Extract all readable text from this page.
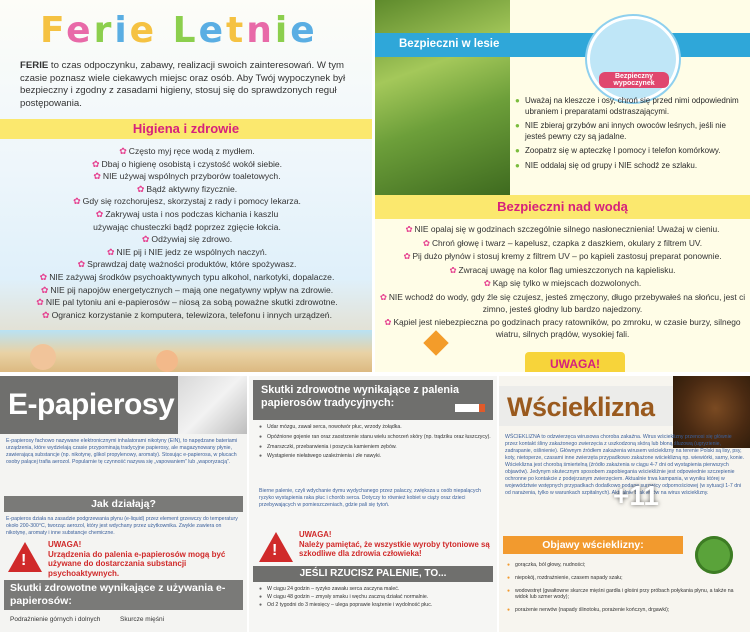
Ferie Letnie

FERIE to czas odpoczynku, zabawy, realizacji swoich zainteresowań. W tym czasie poznasz wiele ciekawych miejsc oraz osób. Aby Twój wypoczynek był bezpieczny i zgodny z zasadami higieny, stosuj się do sprawdzonych reguł postępowania.

Higiena i zdrowie
✿ Często myj ręce wodą z mydłem.
✿ Dbaj o higienę osobistą i czystość wokół siebie.
✿ NIE używaj wspólnych przyborów toaletowych.
✿ Bądź aktywny fizycznie.
✿ Gdy się rozchorujesz, skorzystaj z rady i pomocy lekarza.
✿ Zakrywaj usta i nos podczas kichania i kaszlu
używając chusteczki bądź poprzez zgięcie łokcia.
✿ Odżywiaj się zdrowo.
✿ NIE pij i NIE jedz ze wspólnych naczyń.
✿ Sprawdzaj datę ważności produktów, które spożywasz.
✿ NIE zażywaj środków psychoaktywnych typu alkohol, narkotyki, dopalacze.
✿ NIE pij napojów energetycznych – mają one negatywny wpływ na zdrowie.
✿ NIE pal tytoniu ani e-papierosów – niosą za sobą poważne skutki zdrowotne.
✿ Ogranicz korzystanie z komputera, telewizora, telefonu i innych urządzeń.
Bezpieczni w lesie
Bezpieczny wypoczynek
● Uważaj na kleszcze i osy, chroń się przed nimi odpowiednim ubraniem i preparatami odstraszającymi.
● NIE zbieraj grzybów ani innych owoców leśnych, jeśli nie jesteś pewny czy są jadalne.
● Zoopatrz się w apteczkę I pomocy i telefon komórkowy.
● NIE oddalaj się od grupy i NIE schodź ze szlaku.
Bezpieczni nad wodą
✿ NIE opalaj się w godzinach szczególnie silnego nasłonecznienia! Uważaj w cieniu.
✿ Chroń głowę i twarz – kapelusz, czapka z daszkiem, okulary z filtrem UV.
✿ Pij dużo płynów i stosuj kremy z filtrem UV – po kąpieli zastosuj preparat ponownie.
✿ Zwracaj uwagę na kolor flag umieszczonych na kąpielisku.
✿ Kąp się tylko w miejscach dozwolonych.
✿ NIE wchodź do wody, gdy źle się czujesz, jesteś zmęczony, długo przebywałeś na słońcu, jest ci zimno, jesteś głodny lub bardzo najedzony.
✿ Kąpiel jest niebezpieczna po godzinach pracy ratowników, po zmroku, w czasie burzy, silnego wiatru, silnych prądów, wysokiej fali.
UWAGA!
E-papierosy

E-papierosy fachowo nazywane elektronicznymi inhalatorami nikotyny (EIN), to napędzane bateriami urządzenia, które wydzielają czasie przypominają tradycyjne papierosy, ale magazynowany płynie, zawierającą substancje (np. nikotynę, glikol propylenowy, aromaty). Stosując e-papierosa, w płucach osoby palącej trafia aerozol. Popularnie tę czynność nazywa się „vapowaniem” lub „waporyzacją”.

Jak działają?

E-papieros działa na zasadzie podgrzewania płynu (e-liquid) przez element grzewczy do temperatury około 200-300°C, tworząc aerozol, który jest wdychany przez użytkownika. Zwykle zawiera on nikotynę, aromaty i inne substancje chemiczne.

!
UWAGA!
Urządzenia do palenia e-papierosów mogą być używane do dostarczania substancji psychoaktywnych.
Skutki zdrowotne wynikające z używania e-papierosów:
Podrażnienie górnych i dolnych	Skurcze mięśni
Skutki zdrowotne wynikające z palenia papierosów tradycyjnych:
● Udar mózgu, zawał serca, nowotwór płuc, wrzody żołądka.
● Opóźnione gojenie ran oraz zaostrzenie stanu wielu schorzeń skóry (np. trądziku oraz łuszczycy).
● Zmarszczki, przebarwienia i poszycia kamieniem zębów.
● Wystąpienie niełatwego uzależnienia i złe nawyki.

Bierne palenie, czyli wdychanie dymu wydychanego przez palaczy, zwiększa u osób niepalących ryzyko wystąpienia raka płuc i chorób serca. Dotyczy to również kobiet w ciąży oraz dzieci przebywających w pomieszczeniach, gdzie pali się tytoń.

!
UWAGA!
Należy pamiętać, że wszystkie wyroby tytoniowe są szkodliwe dla zdrowia człowieka!
JEŚLI RZUCISZ PALENIE, TO...
● W ciągu 24 godzin – ryzyko zawału serca zaczyna maleć.
● W ciągu 48 godzin – zmysły smaku i węchu zaczną działać normalnie.
● Od 2 tygodni do 3 miesięcy – ulega poprawie krążenie i wydolność płuc.
Wścieklizna

WŚCIEKLIZNA to odzwierzęca wirusowa choroba zakaźna. Wirus wścieklizny przenosi się głównie przez kontakt śliny zakażonego zwierzęcia z uszkodzoną skórą lub błoną śluzową (ugryzienie, zadrapanie, oślinienie). Głównym źródłem zakażenia wirusem wścieklizny na terenie Polski są lisy, psy, koty, nietoperze, czasami inne zwierzęta przypadkowo zakażone wścieklizną np. wiewiórki, sarny, konie. Wścieklizna jest chorobą śmiertelną (źródło zakażenia w ciągu 4-7 dni od wystąpienia pierwszych objawów). Jedynym skutecznym sposobem zapobiegania wściekliźnie jest odpowiednie szczepienie ochronne po kontakcie z podejrzanym zwierzęciem. Aktualnie trwa kampania, w wyniku której w województwie wstępnych przypadkach dodatkowo podane surowicy odpornościowej (w sytuacji 1-7 dni od narażenia, tylko w warunkach szpitalnych). Aktualnie brak leków na wirus wścieklizny.

+11
Objawy wścieklizny:
● gorączka, ból głowy, nudności;
● niepokój, rozdrażnienie, czasem napady szału;
● wodowstręt (gwałtowne skurcze mięśni gardła i głośni przy próbach połykania płynu, a także na widok lub szmer wody);
● porażenie nerwów (napady ślinotoku, porażenie kończyn, drgawki);
